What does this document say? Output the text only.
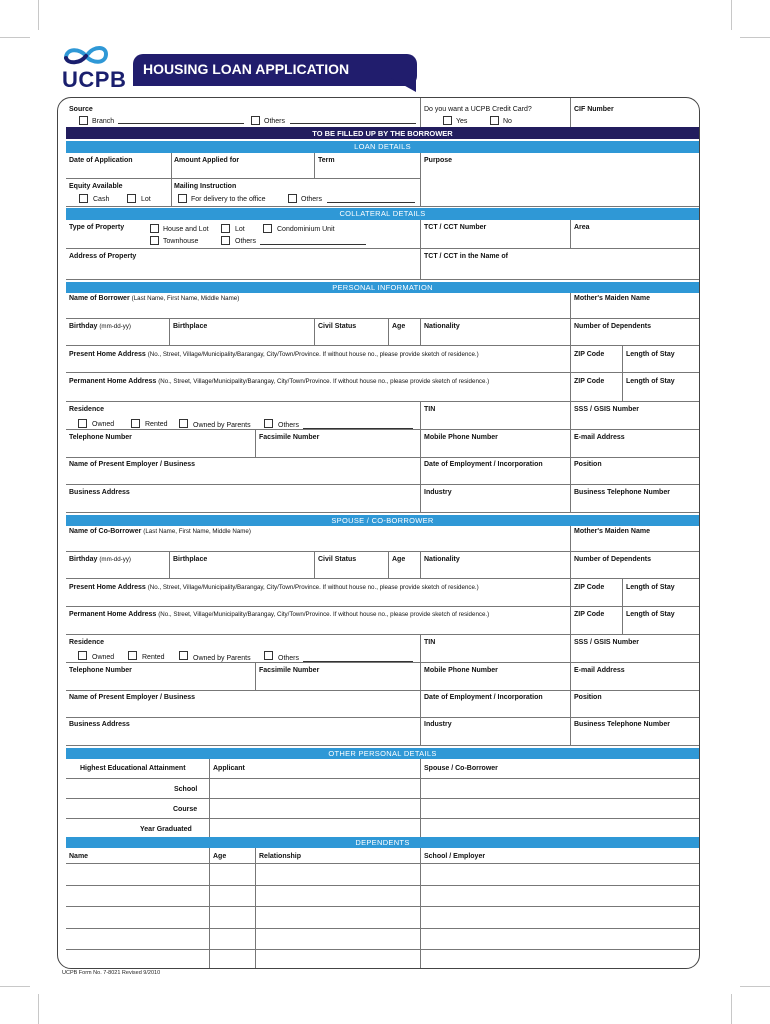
UCPB HOUSING LOAN APPLICATION
Source
Branch	Others
Do you want a UCPB Credit Card?
Yes	No
CIF Number
TO BE FILLED UP BY THE BORROWER
LOAN DETAILS
Date of Application	Amount Applied for	Term	Purpose
Equity Available
Cash	Lot
Mailing Instruction
For delivery to the office	Others
COLLATERAL DETAILS
Type of Property	House and Lot	Lot	Condominium Unit
Townhouse	Others
TCT / CCT Number	Area
Address of Property	TCT / CCT in the Name of
PERSONAL INFORMATION
Name of Borrower (Last Name, First Name, Middle Name)	Mother's Maiden Name
Birthday (mm-dd-yy)	Birthplace	Civil Status	Age	Nationality	Number of Dependents
Present Home Address (No., Street, Village/Municipality/Barangay, City/Town/Province. If without house no., please provide sketch of residence.)	ZIP Code	Length of Stay
Permanent Home Address (No., Street, Village/Municipality/Barangay, City/Town/Province. If without house no., please provide sketch of residence.)	ZIP Code	Length of Stay
Residence
Owned	Rented	Owned by Parents	Others
TIN	SSS / GSIS Number
Telephone Number	Facsimile Number	Mobile Phone Number	E-mail Address
Name of Present Employer / Business	Date of Employment / Incorporation	Position
Business Address	Industry	Business Telephone Number
SPOUSE / CO-BORROWER
Name of Co-Borrower (Last Name, First Name, Middle Name)	Mother's Maiden Name
Birthday (mm-dd-yy)	Birthplace	Civil Status	Age	Nationality	Number of Dependents
Present Home Address (No., Street, Village/Municipality/Barangay, City/Town/Province. If without house no., please provide sketch of residence.)	ZIP Code	Length of Stay
Permanent Home Address (No., Street, Village/Municipality/Barangay, City/Town/Province. If without house no., please provide sketch of residence.)	ZIP Code	Length of Stay
Residence
Owned	Rented	Owned by Parents	Others
TIN	SSS / GSIS Number
Telephone Number	Facsimile Number	Mobile Phone Number	E-mail Address
Name of Present Employer / Business	Date of Employment / Incorporation	Position
Business Address	Industry	Business Telephone Number
OTHER PERSONAL DETAILS
Highest Educational Attainment	Applicant	Spouse / Co-Borrower
School
Course
Year Graduated
DEPENDENTS
Name	Age	Relationship	School / Employer
UCPB Form No. 7-8021 Revised 9/2010
